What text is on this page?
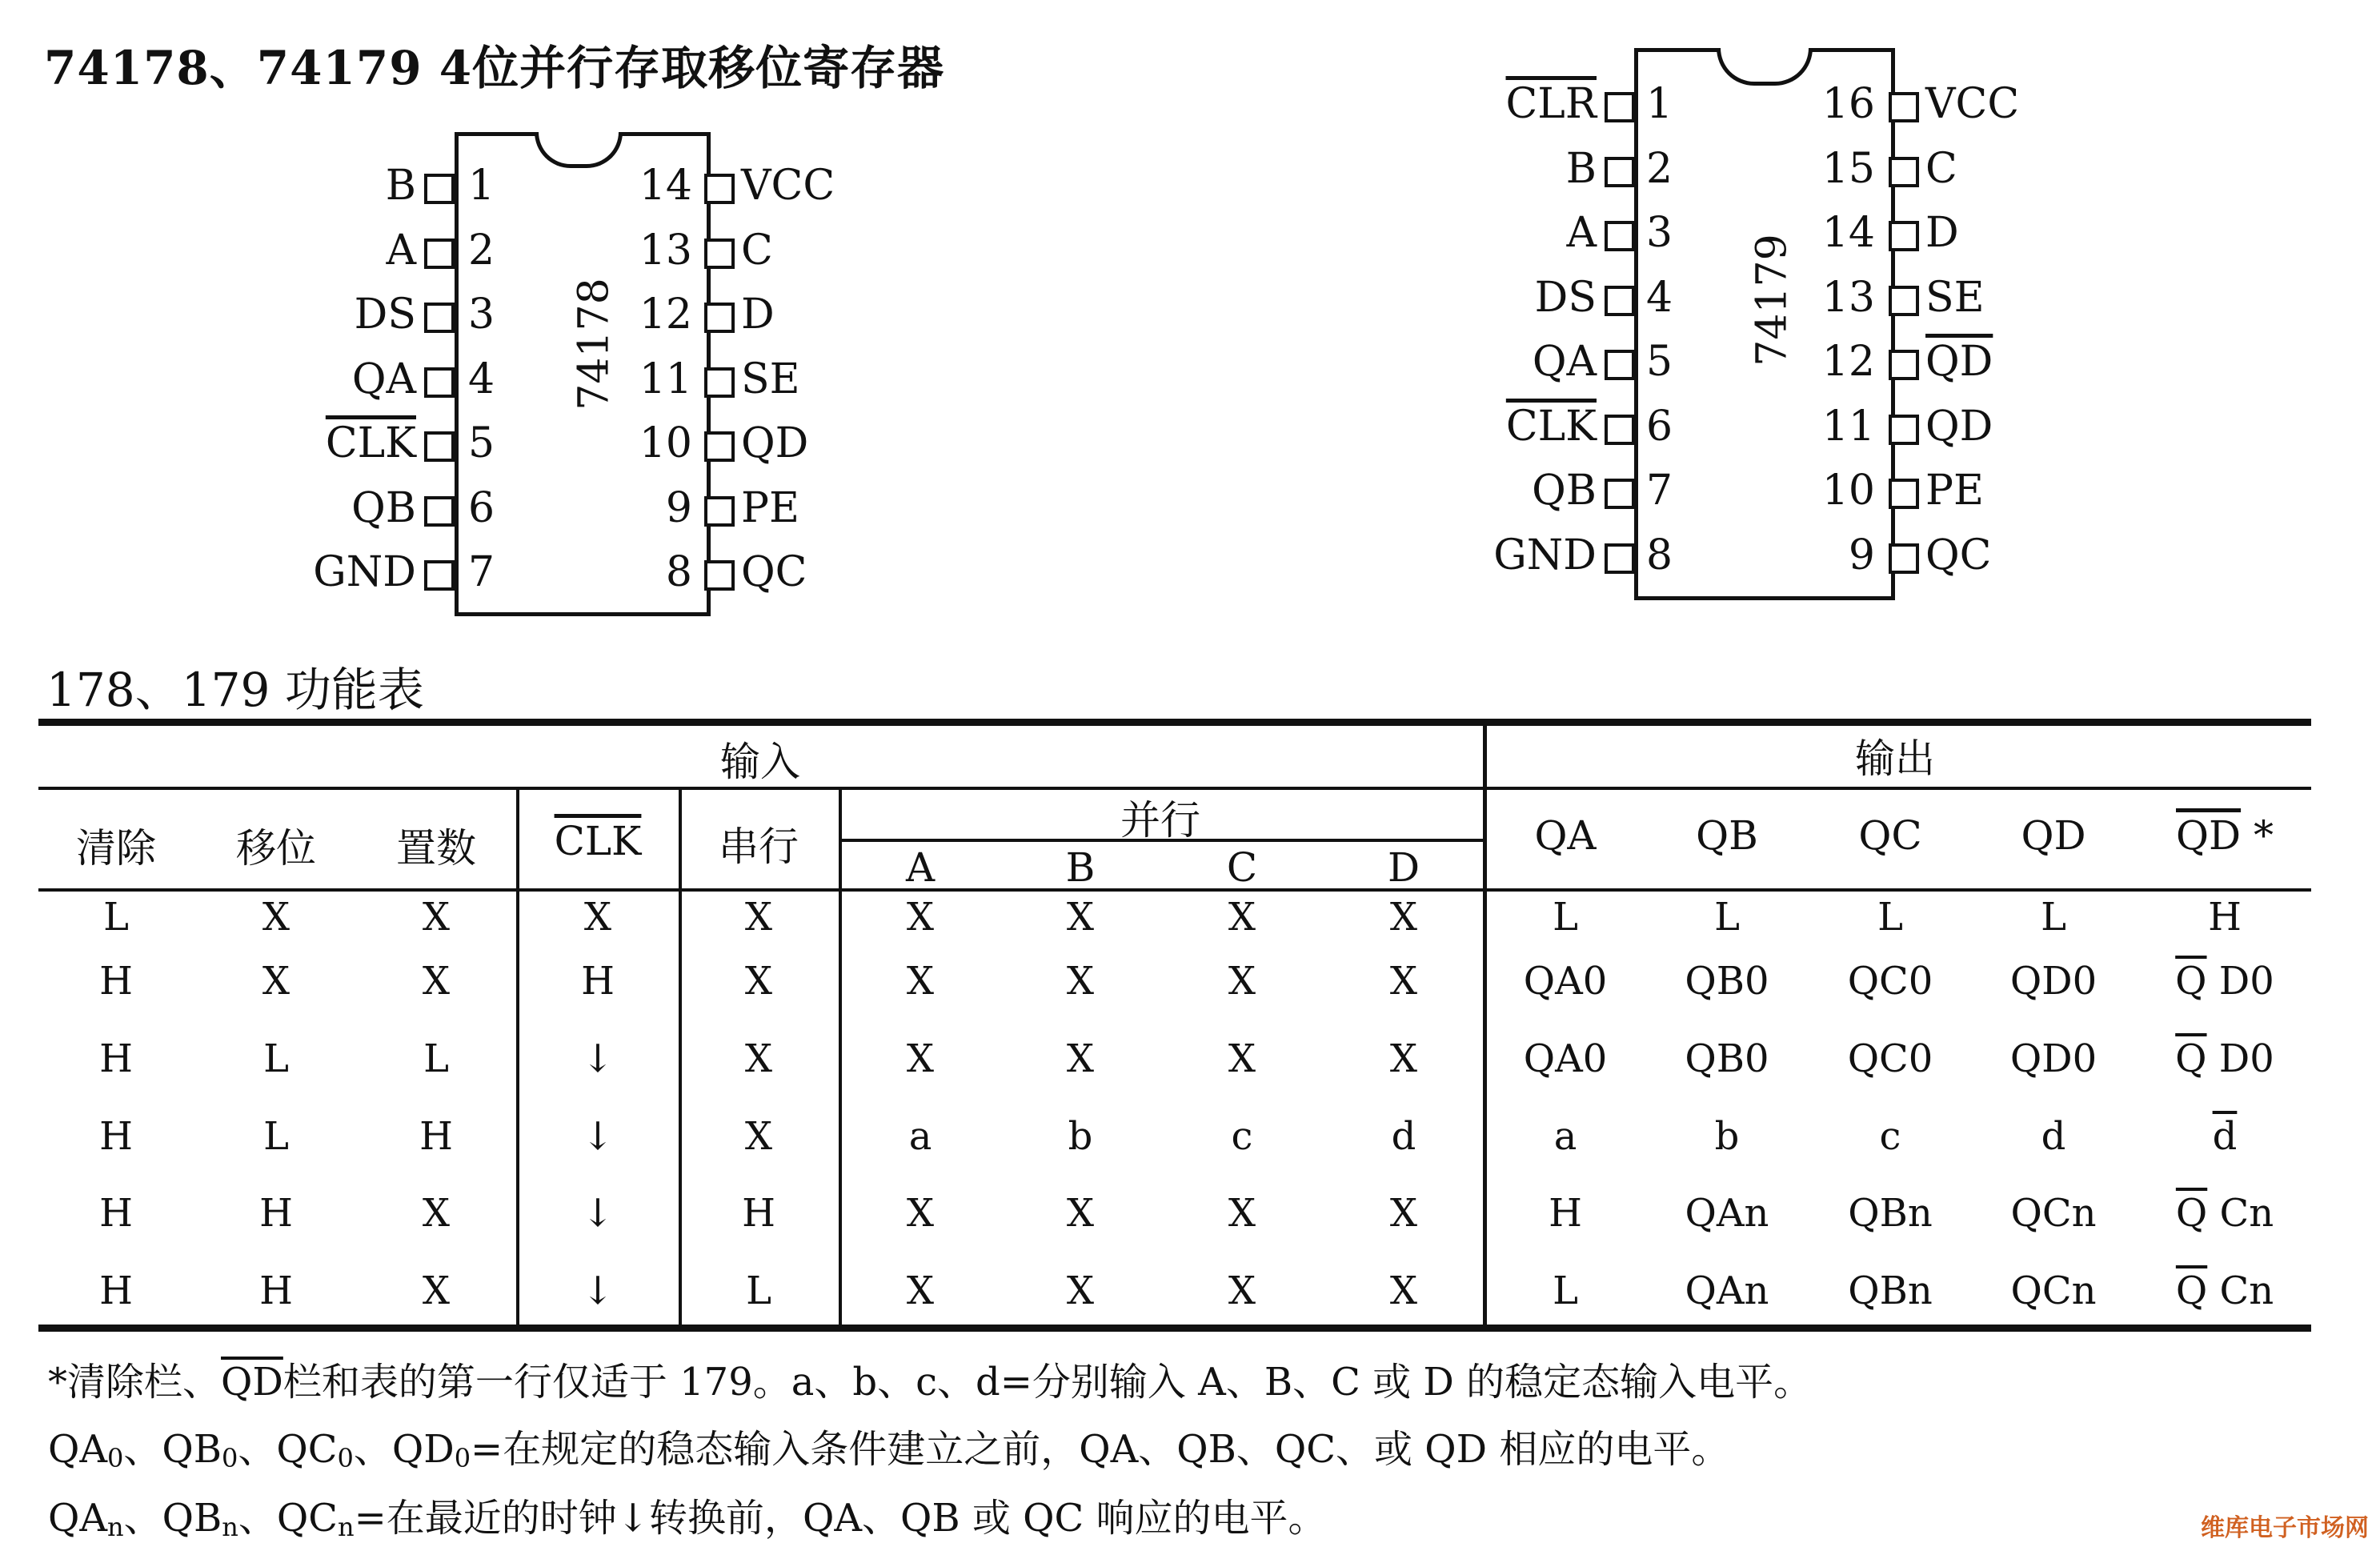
74178、74179 4位并行存取移位寄存器
74178
B 1
A 2
DS 3
QA 4
$\overline{CLK}$ 5
QB 6
GND 7
VCC
14
C
13
D
12
SE
11
QD
10
PE
9
QC
8
74179
$\overline{CLR}$ 1
B 2
A 3
DS 4
QA 5
$\overline{CLK}$ 6
QB 7
GND 8
VCC
16
C
15
D
14
SE
13
$\overline{QD}$
12
QD
11
PE
10
QC
9
178、179 功能表
输入	输出
并行
清除	移位	置数	$\overline{CLK}$	串行	A	B	C	D
QA	QB	QC	QD	$\overline{QD}$ *
L	X	X	X	X	X	X	X	X	L	L	L	L	H
H	X	X	H	X	X	X	X	X	QA0	QB0	QC0	QD0	$\overline{Q}$ D0
H	L	L	↓	X	X	X	X	X	QA0	QB0	QC0	QD0	$\overline{Q}$ D0
H	L	H	↓	X	a	b	c	d	a	b	c	d	$\overline{d}$
H	H	X	↓	H	X	X	X	X	H	QAn	QBn	QCn	$\overline{Q}$ Cn
H	H	X	↓	L	X	X	X	X	L	QAn	QBn	QCn	$\overline{Q}$ Cn
*清除栏、$\overline{QD}$栏和表的第一行仅适于 179。a、b、c、d=分别输入 A、B、C 或 D 的稳定态输入电平。
QA0、QB0、QC0、QD0=在规定的稳态输入条件建立之前，QA、QB、QC、或 QD 相应的电平。
QAn、QBn、QCn=在最近的时钟↓转换前，QA、QB 或 QC 响应的电平。	维库电子市场网
